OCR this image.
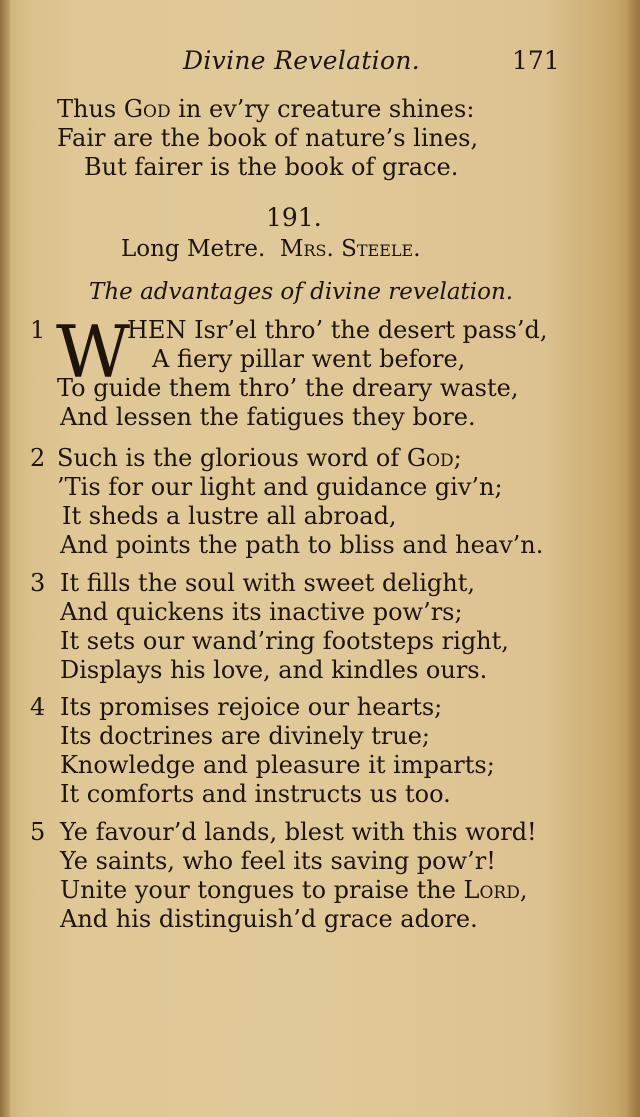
Divine Revelation.	171
Thus God in ev’ry creature shines:
Fair are the book of nature’s lines,
But fairer is the book of grace.
191.
Long Metre. Mrs. Steele.
The advantages of divine revelation.
1 W
HEN Isr’el thro’ the desert pass’d,
A fiery pillar went before,
To guide them thro’ the dreary waste,
And lessen the fatigues they bore.
2 Such is the glorious word of God;
’Tis for our light and guidance giv’n;
It sheds a lustre all abroad,
And points the path to bliss and heav’n.
3 It fills the soul with sweet delight,
And quickens its inactive pow’rs;
It sets our wand’ring footsteps right,
Displays his love, and kindles ours.
4 Its promises rejoice our hearts;
Its doctrines are divinely true;
Knowledge and pleasure it imparts;
It comforts and instructs us too.
5 Ye favour’d lands, blest with this word!
Ye saints, who feel its saving pow’r!
Unite your tongues to praise the Lord,
And his distinguish’d grace adore.
